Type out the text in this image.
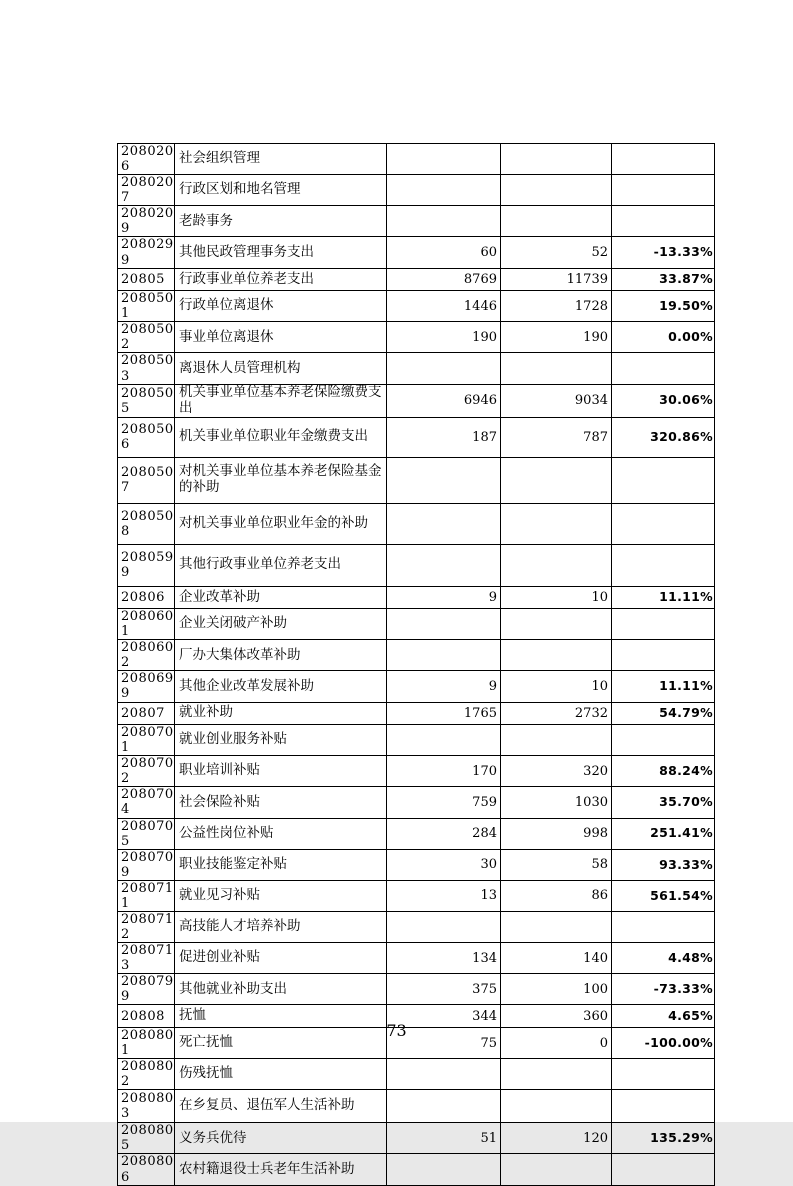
2080206	社会组织管理			
2080207	行政区划和地名管理			
2080209	老龄事务			
2080299	其他民政管理事务支出	60	52	-13.33%
20805	行政事业单位养老支出	8769	11739	33.87%
2080501	行政单位离退休	1446	1728	19.50%
2080502	事业单位离退休	190	190	0.00%
2080503	离退休人员管理机构			
2080505	机关事业单位基本养老保险缴费支出	6946	9034	30.06%
2080506	机关事业单位职业年金缴费支出	187	787	320.86%
2080507	对机关事业单位基本养老保险基金的补助			
2080508	对机关事业单位职业年金的补助			
2080599	其他行政事业单位养老支出			
20806	企业改革补助	9	10	11.11%
2080601	企业关闭破产补助			
2080602	厂办大集体改革补助			
2080699	其他企业改革发展补助	9	10	11.11%
20807	就业补助	1765	2732	54.79%
2080701	就业创业服务补贴			
2080702	职业培训补贴	170	320	88.24%
2080704	社会保险补贴	759	1030	35.70%
2080705	公益性岗位补贴	284	998	251.41%
2080709	职业技能鉴定补贴	30	58	93.33%
2080711	就业见习补贴	13	86	561.54%
2080712	高技能人才培养补助			
2080713	促进创业补贴	134	140	4.48%
2080799	其他就业补助支出	375	100	-73.33%
20808	抚恤	344	360	4.65%
2080801	死亡抚恤	75	0	-100.00%
2080802	伤残抚恤			
2080803	在乡复员、退伍军人生活补助			
2080805	义务兵优待	51	120	135.29%
2080806	农村籍退役士兵老年生活补助			
73
